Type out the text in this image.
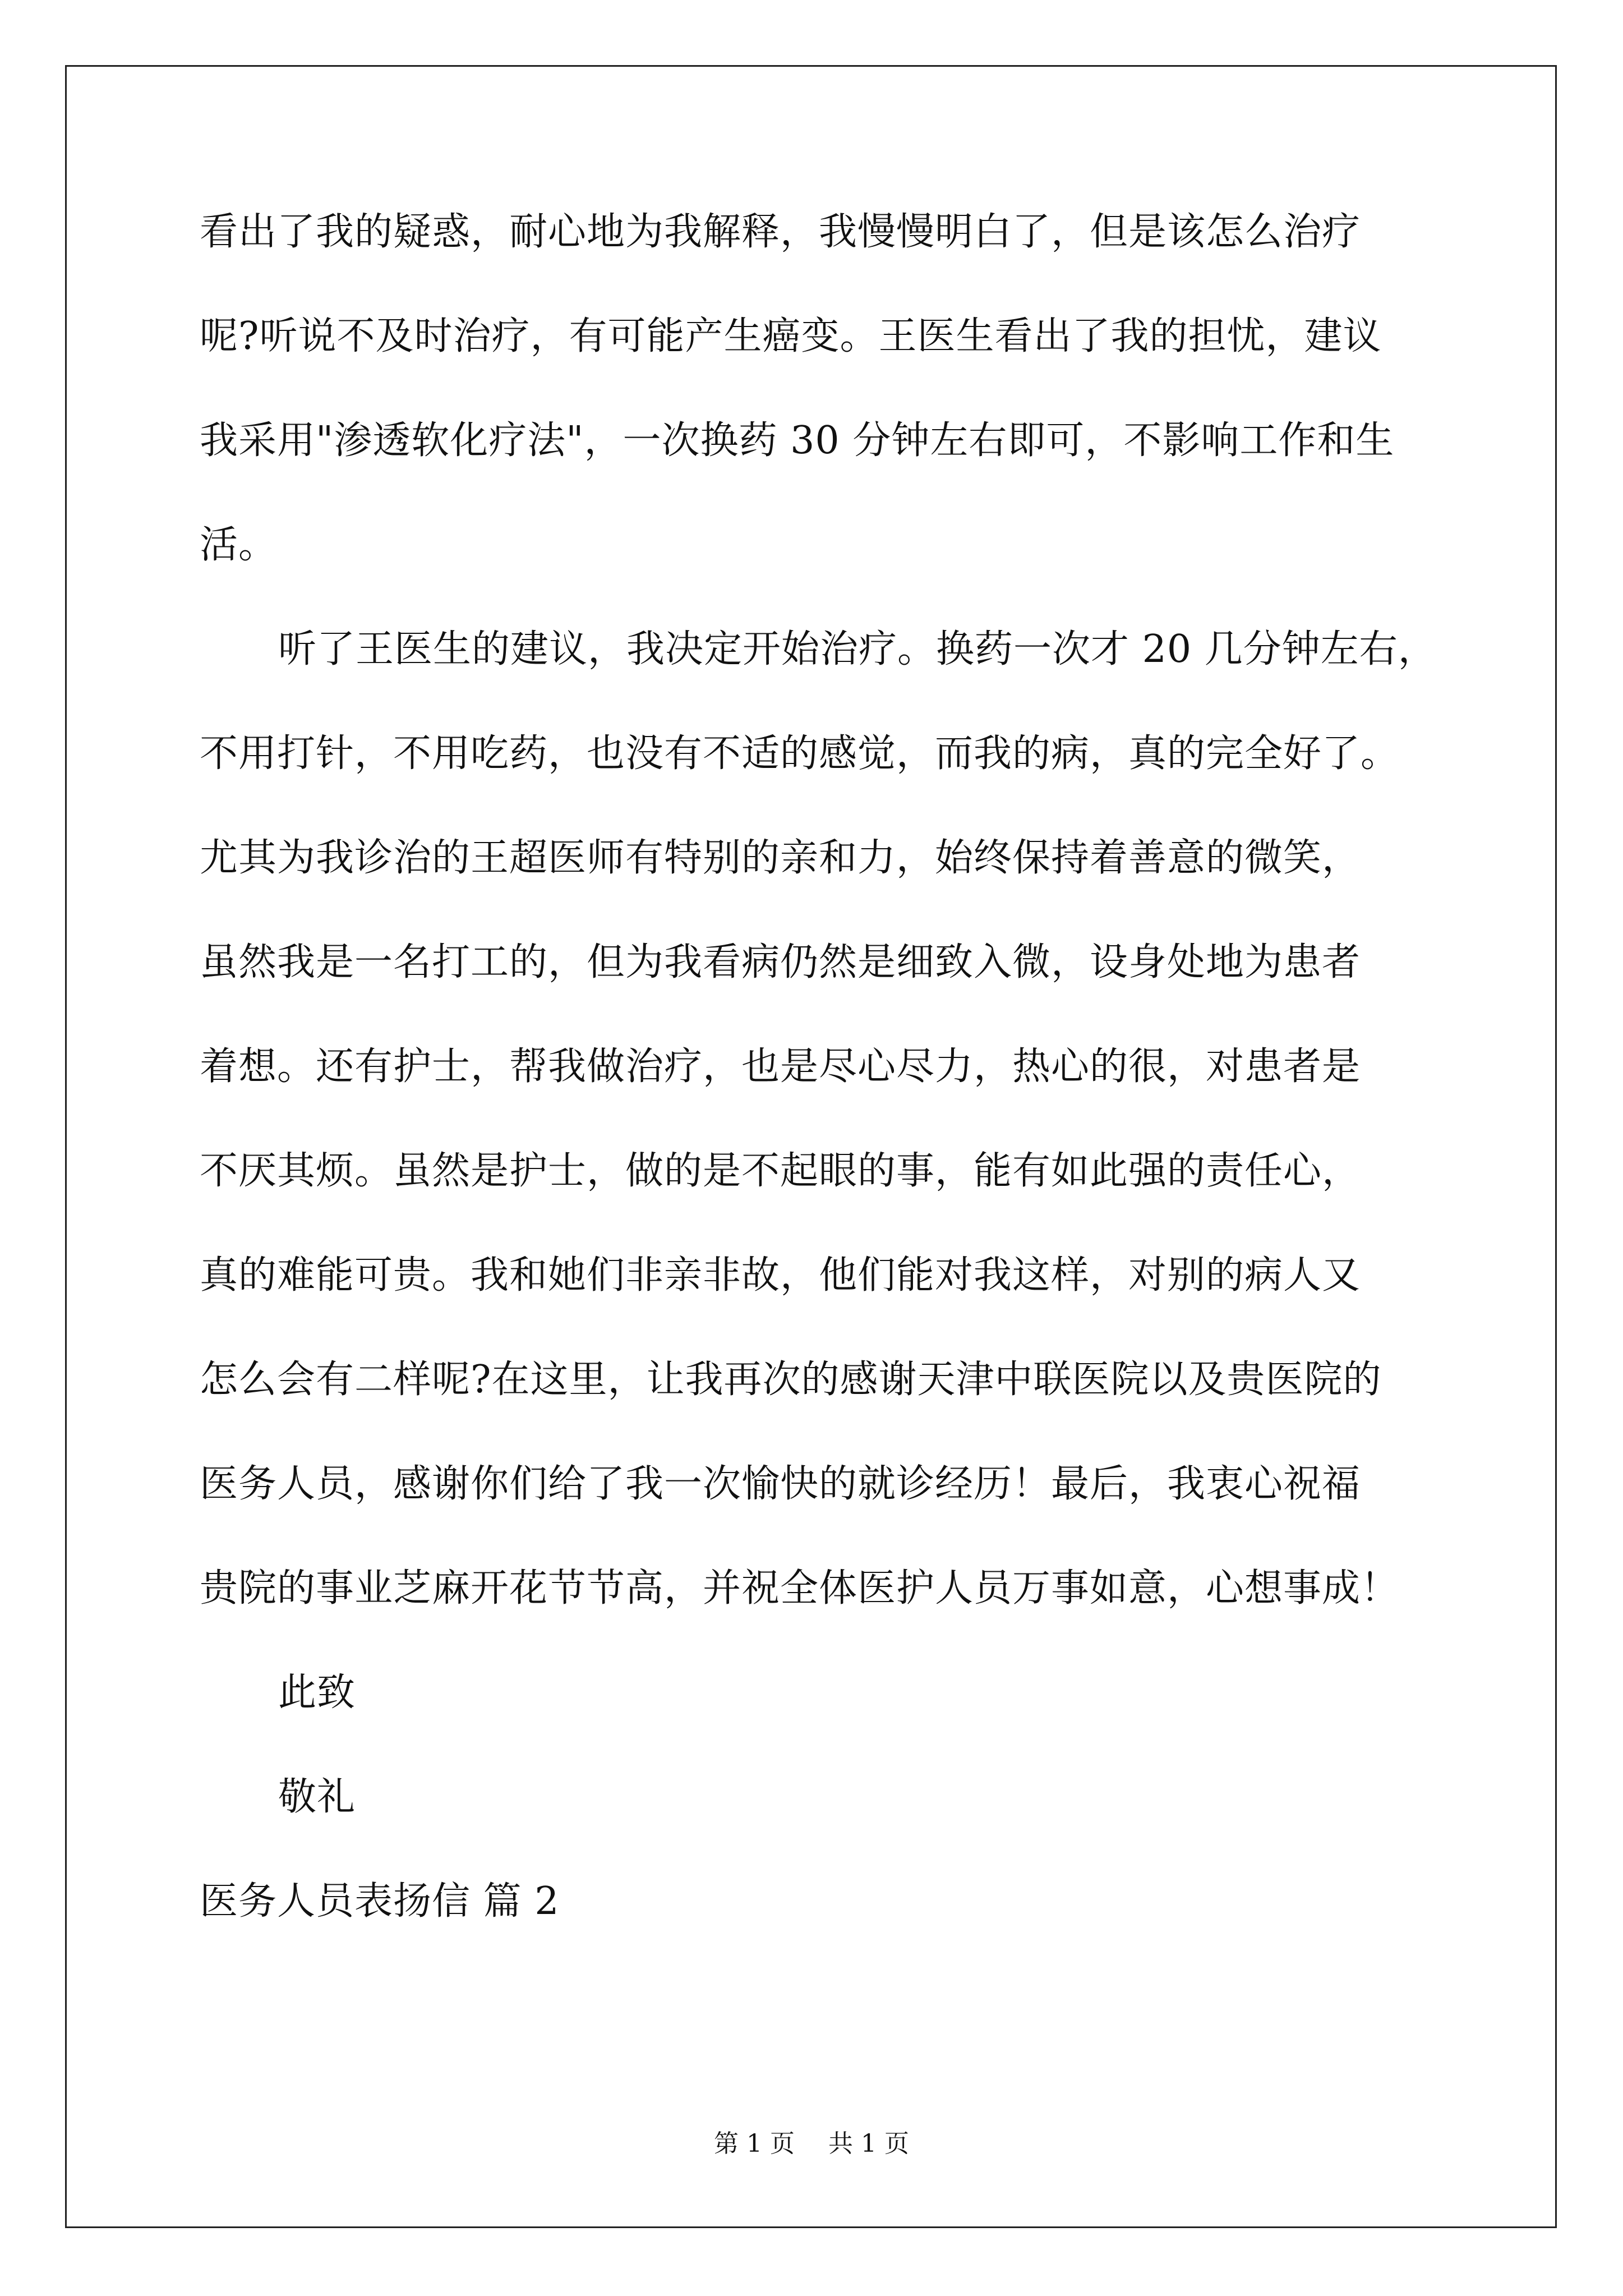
看出了我的疑惑，耐心地为我解释，我慢慢明白了，但是该怎么治疗
呢?听说不及时治疗，有可能产生癌变。王医生看出了我的担忧，建议
我采用"渗透软化疗法"，一次换药 30 分钟左右即可，不影响工作和生
活。
听了王医生的建议，我决定开始治疗。换药一次才 20 几分钟左右，
不用打针，不用吃药，也没有不适的感觉，而我的病，真的完全好了。
尤其为我诊治的王超医师有特别的亲和力，始终保持着善意的微笑，
虽然我是一名打工的，但为我看病仍然是细致入微，设身处地为患者
着想。还有护士，帮我做治疗，也是尽心尽力，热心的很，对患者是
不厌其烦。虽然是护士，做的是不起眼的事，能有如此强的责任心，
真的难能可贵。我和她们非亲非故，他们能对我这样，对别的病人又
怎么会有二样呢?在这里，让我再次的感谢天津中联医院以及贵医院的
医务人员，感谢你们给了我一次愉快的就诊经历！最后，我衷心祝福
贵院的事业芝麻开花节节高，并祝全体医护人员万事如意，心想事成！
此致
敬礼
医务人员表扬信 篇 2
第 1 页 共 1 页
